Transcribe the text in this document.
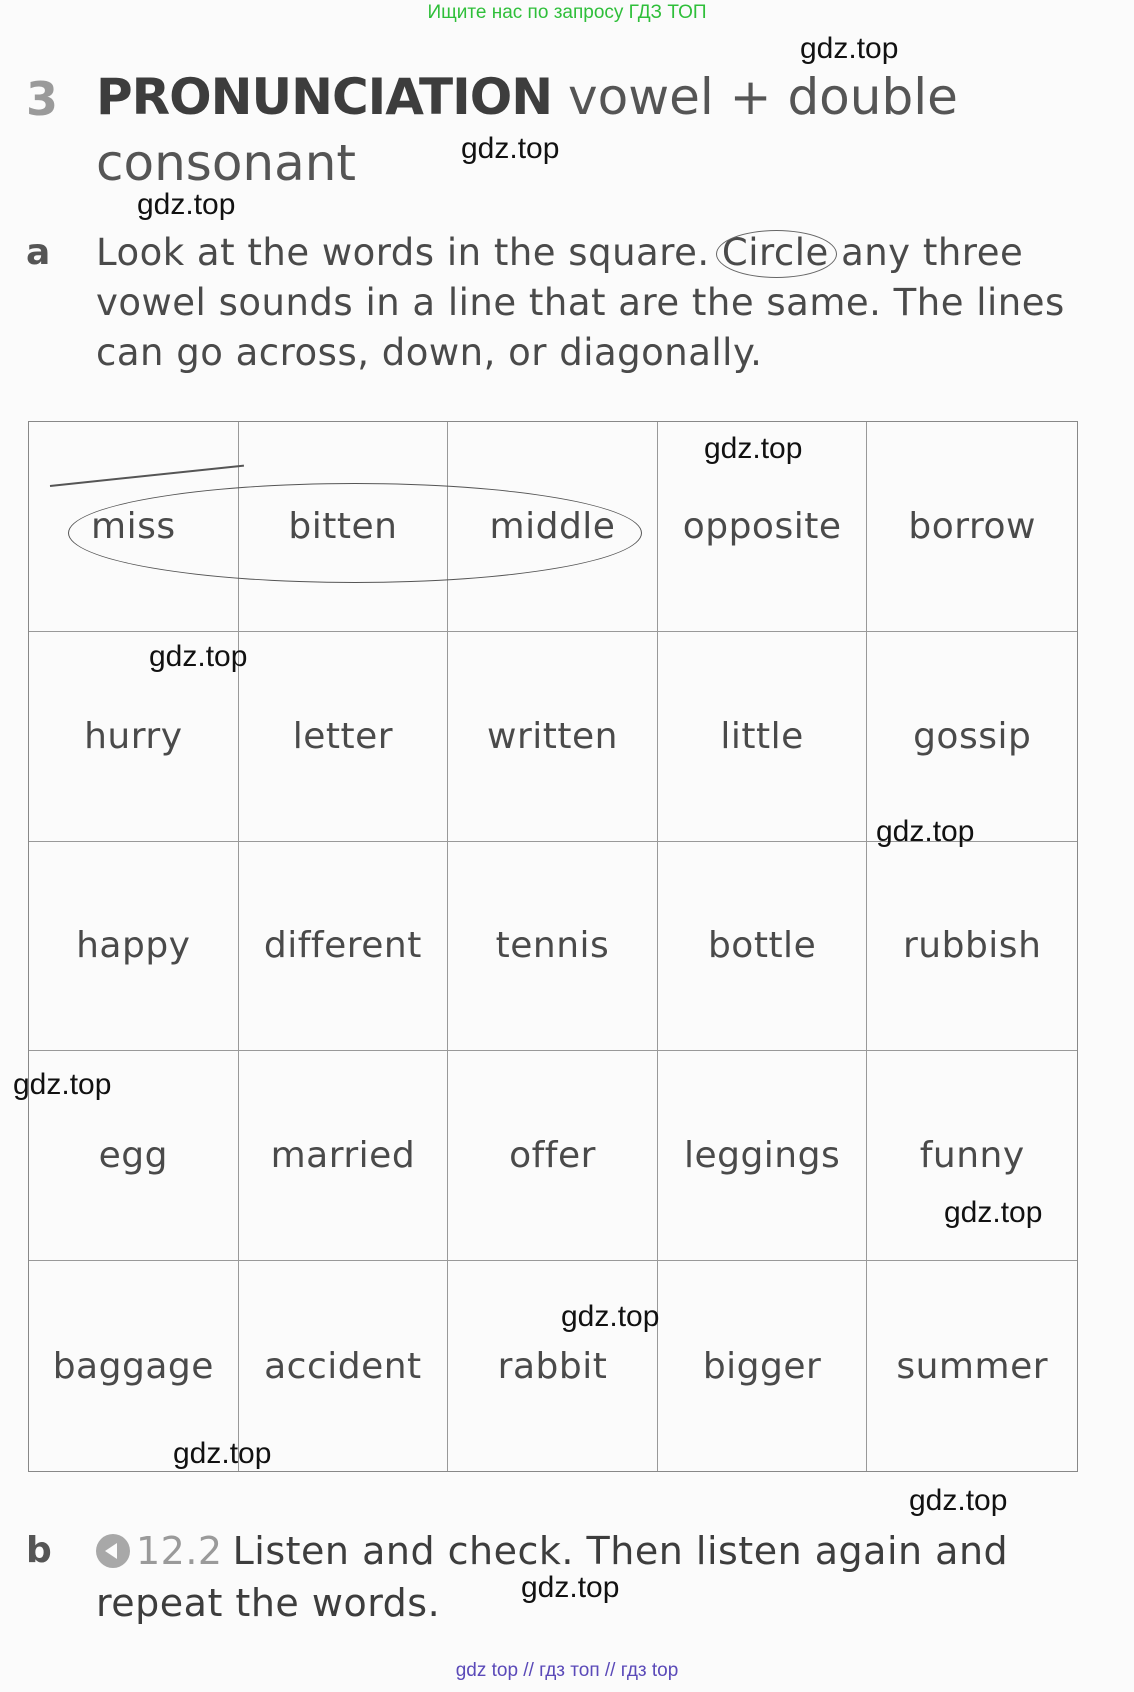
Ищите нас по запросу ГДЗ ТОП
3 PRONUNCIATION vowel + double consonant
a Look at the words in the square. Circle any three vowel sounds in a line that are the same. The lines can go across, down, or diagonally.
miss	bitten	middle	opposite	borrow
hurry	letter	written	little	gossip
happy	different	tennis	bottle	rubbish
egg	married	offer	leggings	funny
baggage	accident	rabbit	bigger	summer
b	12.2 Listen and check. Then listen again and repeat the words.
gdz.top
gdz.top
gdz.top
gdz.top
gdz.top
gdz.top
gdz.top
gdz.top
gdz.top
gdz.top
gdz.top
gdz.top
gdz top // гдз топ // гдз top
